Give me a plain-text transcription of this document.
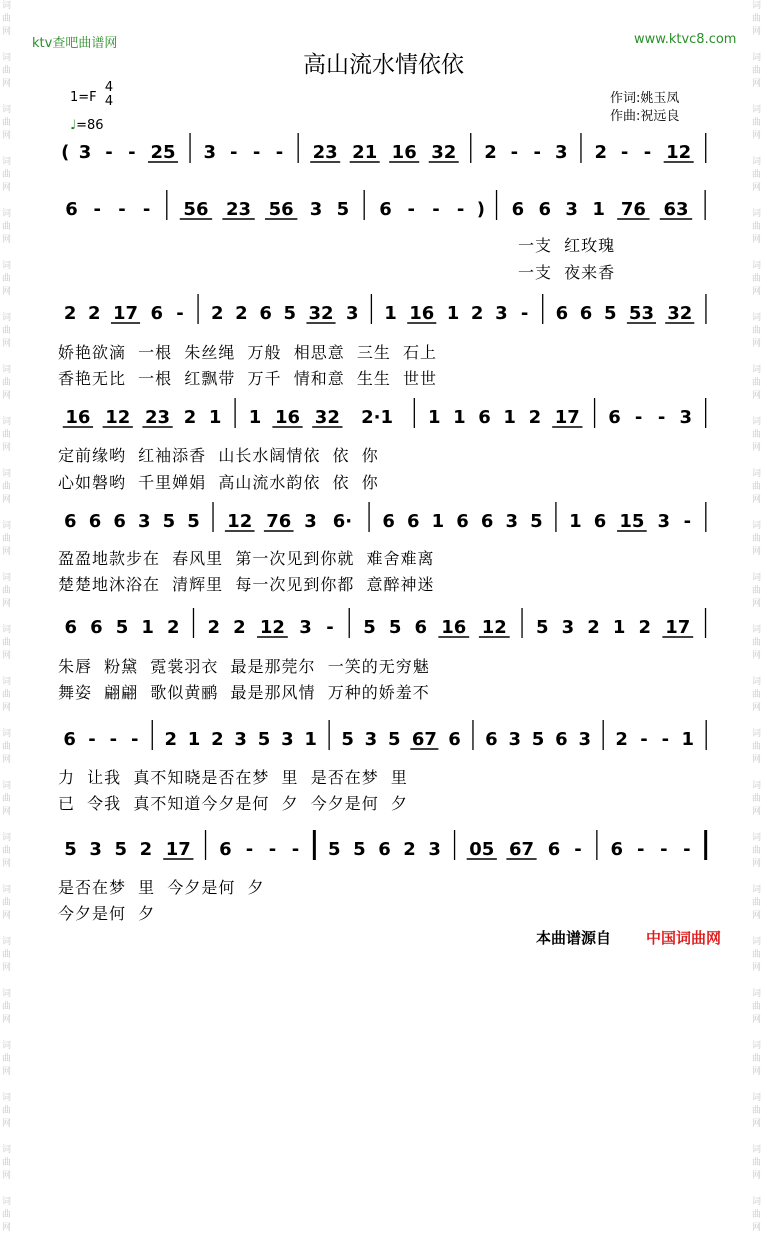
词
曲
网

词
曲
网

词
曲
网

词
曲
网

词
曲
网

词
曲
网

词
曲
网

词
曲
网

词
曲
网

词
曲
网

词
曲
网

词
曲
网

词
曲
网

词
曲
网

词
曲
网

词
曲
网

词
曲
网

词
曲
网

词
曲
网

词
曲
网

词
曲
网

词
曲
网

词
曲
网

词
曲
网

词
曲
网

词
曲
网

词
曲
网

词
曲
网

词
曲
网

词
曲
网

词
曲
网

词
曲
网

词
曲
网

词
曲
网

词
曲
网

词
曲
网

词
曲
网

词
曲
网

词
曲
网

词
曲
网

词
曲
网

词
曲
网

词
曲
网

词
曲
网

词
曲
网

词
曲
网

词
曲
网

词
曲
网

ktv查吧曲谱网	www.ktvc8.com
高山流水情依依
1=F
4
4
♩=86
作词:姚玉凤
作曲:祝远良
( 3 - - 25 3 - - - 23 21 16 32 2 - - 3 2 - - 12
6 - - - 56 23 56 3 5 6 - - - ) 6 6 3 1 76 63
一支  红玫瑰
一支  夜来香
2 2 17 6 - 2 2 6 5 32 3 1 16 1 2 3 - 6 6 5 53 32
娇艳欲滴  一根  朱丝绳  万般  相思意  三生  石上
香艳无比  一根  红飘带  万千  情和意  生生  世世
16 12 23 2 1 1 16 32 2·1 1 1 6 1 2 17 6 - - 3
定前缘哟  红袖添香  山长水阔情依  依  你
心如磐哟  千里婵娟  高山流水韵依  依  你
6 6 6 3 5 5 12 76 3 6· 6 6 1 6 6 3 5 1 6 15 3 -
盈盈地款步在  春风里  第一次见到你就  难舍难离
楚楚地沐浴在  清辉里  每一次见到你都  意醉神迷
6 6 5 1 2 2 2 12 3 - 5 5 6 16 12 5 3 2 1 2 17
朱唇  粉黛  霓裳羽衣  最是那莞尔  一笑的无穷魅
舞姿  翩翩  歌似黄鹂  最是那风情  万种的娇羞不
6 - - - 2 1 2 3 5 3 1 5 3 5 67 6 6 3 5 6 3 2 - - 1
力  让我  真不知晓是否在梦  里  是否在梦  里
已  令我  真不知道今夕是何  夕  今夕是何  夕
5 3 5 2 17 6 - - - 5 5 6 2 3 05 67 6 - 6 - - -
是否在梦  里  今夕是何  夕
今夕是何  夕
本曲谱源自 中国词曲网
